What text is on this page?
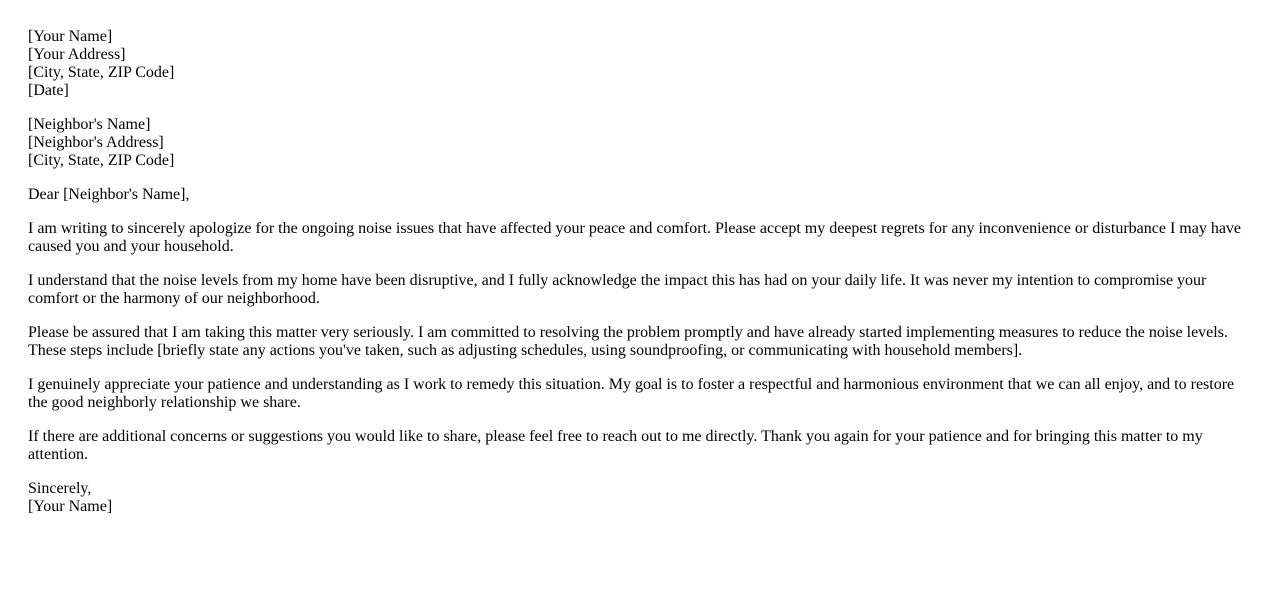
[Your Name]
[Your Address]
[City, State, ZIP Code]
[Date]
[Neighbor's Name]
[Neighbor's Address]
[City, State, ZIP Code]

Dear [Neighbor's Name],

I am writing to sincerely apologize for the ongoing noise issues that have affected your peace and comfort. Please accept my deepest regrets for any inconvenience or disturbance I may have caused you and your household.

I understand that the noise levels from my home have been disruptive, and I fully acknowledge the impact this has had on your daily life. It was never my intention to compromise your comfort or the harmony of our neighborhood.

Please be assured that I am taking this matter very seriously. I am committed to resolving the problem promptly and have already started implementing measures to reduce the noise levels. These steps include [briefly state any actions you've taken, such as adjusting schedules, using soundproofing, or communicating with household members].

I genuinely appreciate your patience and understanding as I work to remedy this situation. My goal is to foster a respectful and harmonious environment that we can all enjoy, and to restore the good neighborly relationship we share.

If there are additional concerns or suggestions you would like to share, please feel free to reach out to me directly. Thank you again for your patience and for bringing this matter to my attention.

Sincerely,
[Your Name]
